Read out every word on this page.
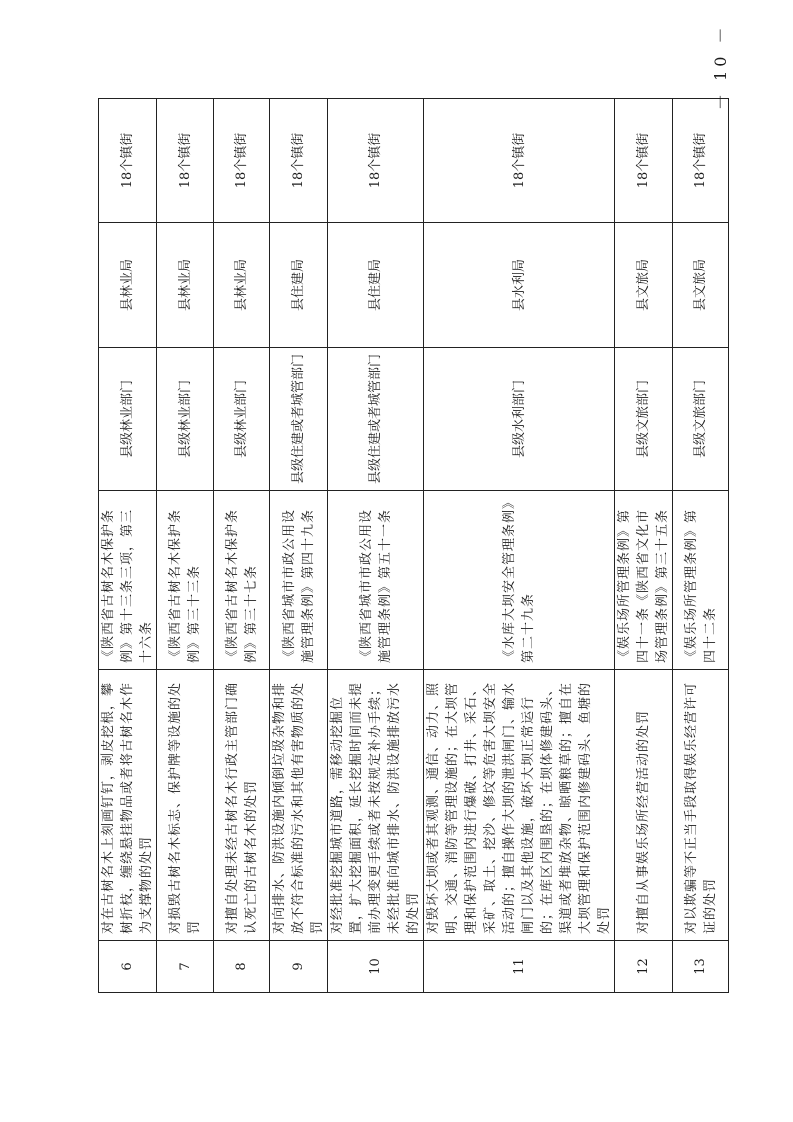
6	对在古树名木上刻画钉钉，剥皮挖根，攀树折枝，缠绕悬挂物品或者将古树名木作为支撑物的处罚	《陕西省古树名木保护条例》第十三条三项，第三十六条	县级林业部门	县林业局	18个镇街
7	对损毁古树名木标志、保护牌等设施的处罚	《陕西省古树名木保护条例》第三十三条	县级林业部门	县林业局	18个镇街
8	对擅自处理未经古树名木行政主管部门确认死亡的古树名木的处罚	《陕西省古树名木保护条例》第三十七条	县级林业部门	县林业局	18个镇街
9	对向排水、防洪设施内倾倒垃圾杂物和排放不符合标准的污水和其他有害物质的处罚	《陕西省城市市政公用设施管理条例》第四十九条	县级住建或者城管部门	县住建局	18个镇街
10	对经批准挖掘城市道路，需移动挖掘位置，扩大挖掘面积，延长挖掘时间而未提前办理变更手续或者未按规定补办手续；未经批准向城市排水、防洪设施排放污水的处罚	《陕西省城市市政公用设施管理条例》第五十一条	县级住建或者城管部门	县住建局	18个镇街
11	对毁坏大坝或者其观测、通信、动力、照明、交通、消防等管理设施的；在大坝管理和保护范围内进行爆破、打井、采石、采矿、取土、挖沙、修坟等危害大坝安全活动的；擅自操作大坝的泄洪闸门、输水闸门以及其他设施，破坏大坝正常运行的；在库区内围垦的；在坝体修建码头、渠道或者堆放杂物、晾晒粮草的；擅自在大坝管理和保护范围内修建码头、鱼塘的处罚	《水库大坝安全管理条例》第二十九条	县级水利部门	县水利局	18个镇街
12	对擅自从事娱乐场所经营活动的处罚	《娱乐场所管理条例》第四十一条《陕西省文化市场管理条例》第三十五条	县级文旅部门	县文旅局	18个镇街
13	对以欺骗等不正当手段取得娱乐经营许可证的处罚	《娱乐场所管理条例》第四十二条	县级文旅部门	县文旅局	18个镇街
－ 10 －
